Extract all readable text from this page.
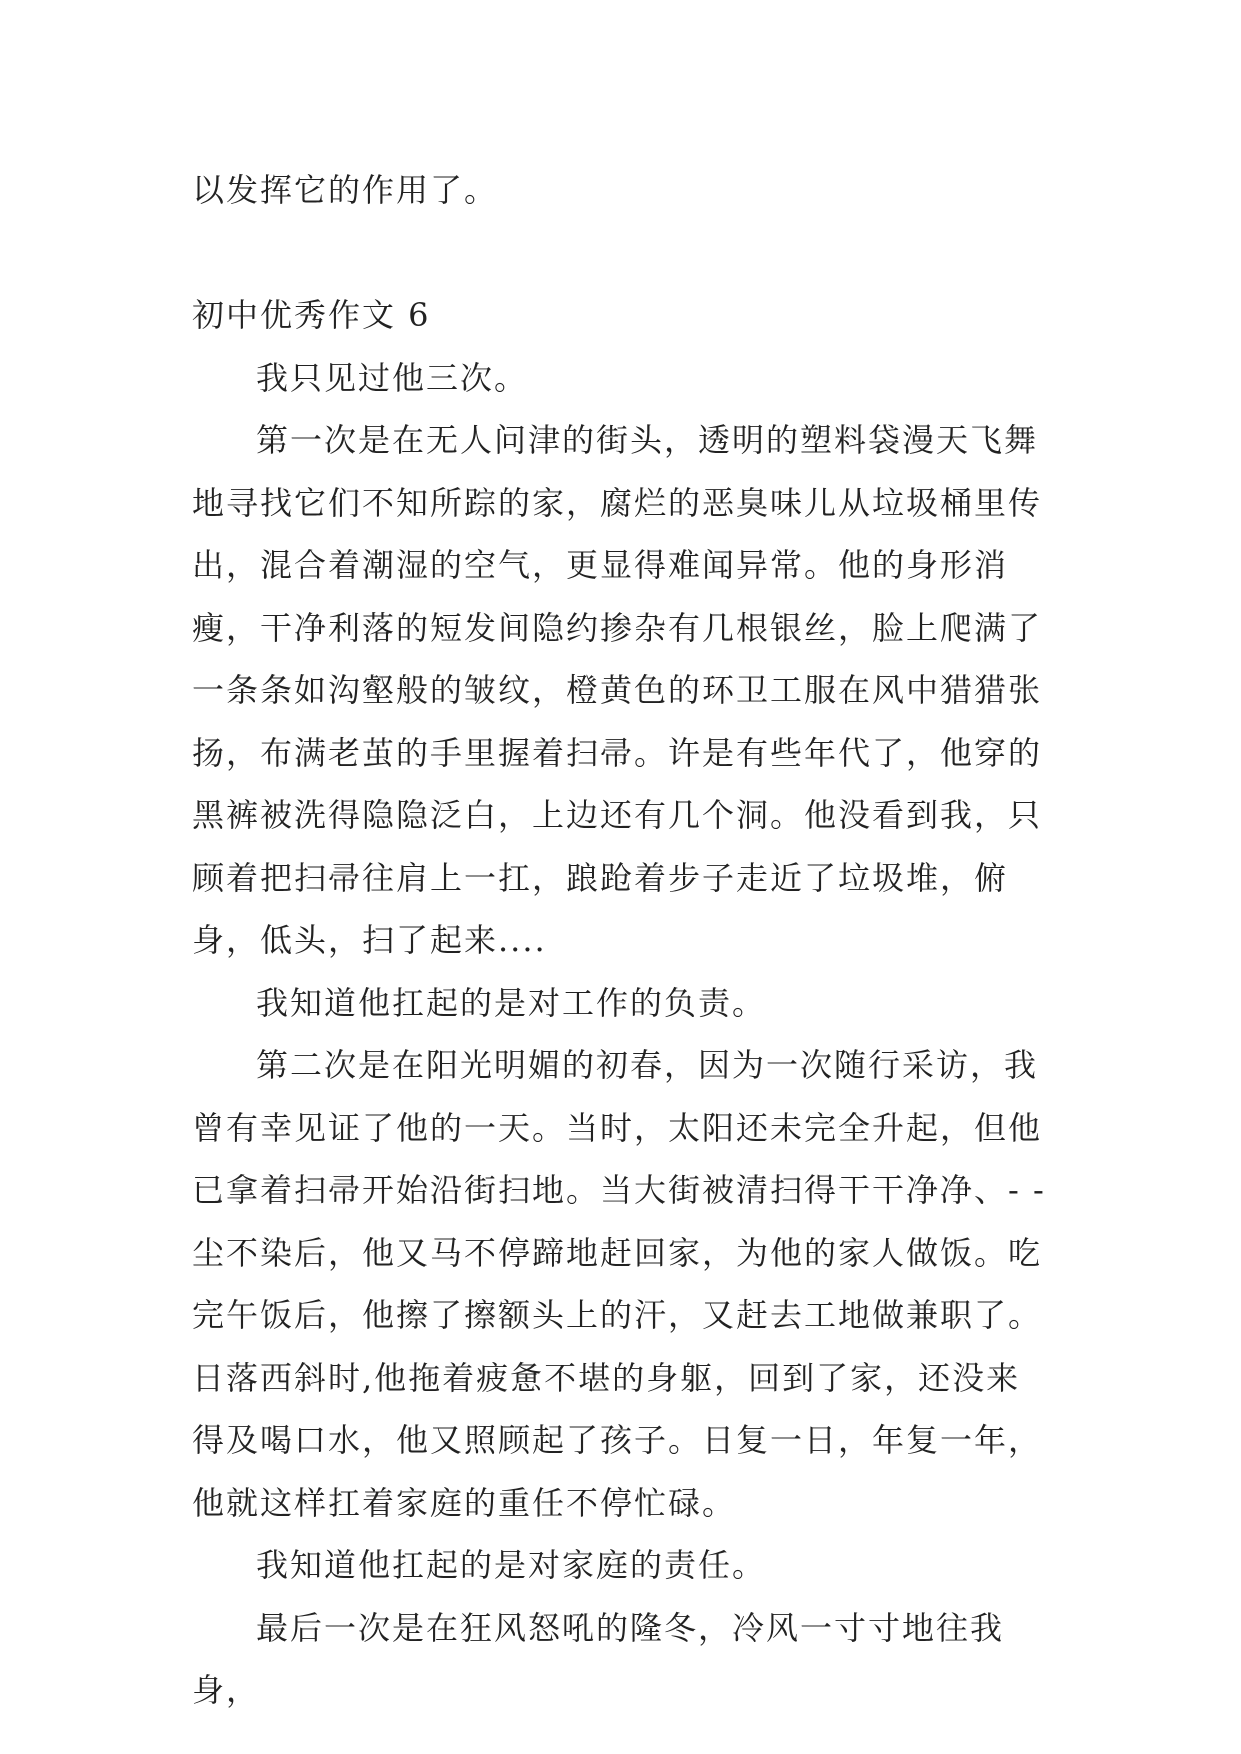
以发挥它的作用了。

初中优秀作文 6

我只见过他三次。

第一次是在无人问津的街头，透明的塑料袋漫天飞舞地寻找它们不知所踪的家，腐烂的恶臭味儿从垃圾桶里传出，混合着潮湿的空气，更显得难闻异常。他的身形消瘦，干净利落的短发间隐约掺杂有几根银丝，脸上爬满了一条条如沟壑般的皱纹，橙黄色的环卫工服在风中猎猎张扬，布满老茧的手里握着扫帚。许是有些年代了，他穿的黑裤被洗得隐隐泛白，上边还有几个洞。他没看到我，只顾着把扫帚往肩上一扛，踉跄着步子走近了垃圾堆，俯身，低头，扫了起来....

我知道他扛起的是对工作的负责。

第二次是在阳光明媚的初春，因为一次随行采访，我曾有幸见证了他的一天。当时，太阳还未完全升起，但他已拿着扫帚开始沿街扫地。当大街被清扫得干干净净、- -尘不染后，他又马不停蹄地赶回家，为他的家人做饭。吃完午饭后，他擦了擦额头上的汗，又赶去工地做兼职了。日落西斜时,他拖着疲惫不堪的身躯，回到了家，还没来得及喝口水，他又照顾起了孩子。日复一日，年复一年，他就这样扛着家庭的重任不停忙碌。

我知道他扛起的是对家庭的责任。

最后一次是在狂风怒吼的隆冬，冷风一寸寸地往我身，
